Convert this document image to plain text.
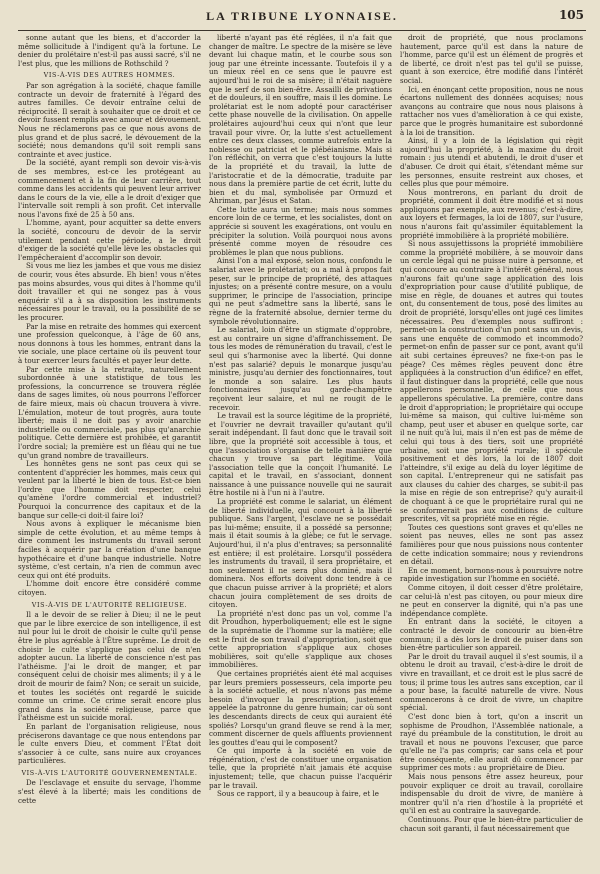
LA TRIBUNE LYONNAISE.	105

sonne autant que les biens, et d'accorder la même sollicitude à l'indigent qu'à la fortune. Le denier du prolétaire n'est-il pas aussi sacré, s'il ne l'est plus, que les millions de Rothschild ?

VIS-À-VIS DES AUTRES HOMMES.

Par son agrégation à la société, chaque famille contracte un devoir de fraternité à l'égard des autres familles. Ce devoir entraîne celui de réciprocité. Il serait à souhaiter que ce droit et ce devoir fussent remplis avec amour et dévouement. Nous ne réclamerons pas ce que nous avons de plus grand et de plus sacré, le dévouement de la société; nous demandons qu'il soit rempli sans contrainte et avec justice.

De la société, ayant rempli son devoir vis-à-vis de ses membres, est-ce les protégeant au commencement et à la fin de leur carrière, tout comme dans les accidents qui peuvent leur arriver dans le cours de la vie, elle a le droit d'exiger que l'intervalle soit rempli à son profit. Cet intervalle nous l'avons fixé de 25 à 50 ans.

L'homme, ayant, pour acquitter sa dette envers la société, concouru de devoir de la servir utilement pendant cette période, a le droit d'exiger de la société qu'elle lève les obstacles qui l'empêcheraient d'accomplir son devoir.

Si vous me liez les jambes et que vous me disiez de courir, vous êtes absurde. Eh bien! vous n'êtes pas moins absurdes, vous qui dites à l'homme qu'il doit travailler et qui ne songez pas à vous enquérir s'il a à sa disposition les instruments nécessaires pour le travail, ou la possibilité de se les procurer.

Par la mise en retraite des hommes qui exercent une profession quelconque, à l'âge de 60 ans, nous donnons à tous les hommes, entrant dans la vie sociale, une place certaine où ils peuvent tour à tour exercer leurs facultés et payer leur dette.

Par cette mise à la retraite, naturellement subordonnée à une statistique de tous les professions, la concurrence se trouvera réglée dans de sages limites, où nous pourrons l'efforcer de faire mieux, mais où chacun trouvera à vivre. L'émulation, moteur de tout progrès, aura toute liberté; mais il ne doit pas y avoir anarchie industrielle ou commerciale, pas plus qu'anarchie politique. Cette dernière est prohibée, et garantit l'ordre social; la première est un fléau qui ne tue qu'un grand nombre de travailleurs.

Les honnêtes gens ne sont pas ceux qui se contentent d'apprécier les hommes, mais ceux qui veulent par la liberté le bien de tous. Est-ce bien l'ordre que l'homme doit respecter, celui qu'amène l'ordre commercial et industriel? Pourquoi la concurrence des capitaux et de la banque sur celle-ci doit-il faire loi?

Nous avons à expliquer le mécanisme bien simple de cette évolution, et au même temps à dire comment les instruments du travail seront faciles à acquérir par la création d'une banque hypothécaire et d'une banque industrielle. Notre système, c'est certain, n'a rien de commun avec ceux qui ont été produits.

L'homme doit encore être considéré comme citoyen.

VIS-À-VIS DE L'AUTORITÉ RELIGIEUSE.

Il a le devoir de se relier à Dieu; il ne le peut que par le libre exercice de son intelligence, il est nul pour lui le droit de choisir le culte qu'il pense être le plus agréable à l'Être suprême. Le droit de choisir le culte s'applique pas celui de n'en adopter aucun. La liberté de conscience n'est pas l'athéisme. J'ai le droit de manger, et par conséquent celui de choisir mes aliments; il y a le droit de mourir de faim? Non; ce serait un suicide, et toutes les sociétés ont regardé le suicide comme un crime. Ce crime serait encore plus grand dans la société religieuse, parce que l'athéisme est un suicide moral.

En parlant de l'organisation religieuse, nous préciserons davantage ce que nous entendons par le culte envers Dieu, et comment l'État doit s'associer à ce culte, sans nuire aux croyances particulières.

VIS-À-VIS L'AUTORITÉ GOUVERNEMENTALE.

De l'esclavage et ensuite du servage, l'homme s'est élevé à la liberté; mais les conditions de cette

liberté n'ayant pas été réglées, il n'a fait que changer de maître. Le spectre de la misère se lève devant lui chaque matin, et le courbe sous son joug par une étreinte incessante. Toutefois il y a un mieux réel en ce sens que le pauvre est aujourd'hui le roi de sa misère; il n'était naguère que le serf de son bien-être. Assailli de privations et de douleurs, il en souffre, mais il les domine. Le prolétariat est le nom adopté pour caractériser cette phase nouvelle de la civilisation. On appelle prolétaires aujourd'hui ceux qui n'ont que leur travail pour vivre. Or, la lutte s'est actuellement entre ces deux classes, comme autrefois entre la noblesse ou patriciat et le plébéianisme. Mais si l'on réfléchit, on verra que c'est toujours la lutte de la propriété et du travail, la lutte de l'aristocratie et de la démocratie, traduite par nous dans la première partie de cet écrit, lutte du bien et du mal, symbolisée par Ormuzd et Ahriman, par Jésus et Satan.

Cette lutte aura un terme; mais nous sommes encore loin de ce terme, et les socialistes, dont on apprécie si souvent les exagérations, ont voulu en précipiter la solution. Voilà pourquoi nous avons présenté comme moyen de résoudre ces problèmes le plan que nous publions.

Ainsi l'on a mal exposé, selon nous, confondu le salariat avec le prolétariat; ou a mal à propos fait peser, sur le principe de propriété, des attaques injustes; on a présenté contre mesure, on a voulu supprimer, le principe de l'association, principe qui ne peut s'admettre sans la liberté, sans le règne de la fraternité absolue, dernier terme du symbole révolutionnaire.

Le salariat, loin d'être un stigmate d'opprobre, est au contraire un signe d'affranchissement. De tous les modes de rémunération du travail, c'est le seul qui s'harmonise avec la liberté. Qui donne n'est pas salarié? depuis le monarque jusqu'au ministre, jusqu'au dernier des fonctionnaires, tout le monde a son salaire. Les plus hauts fonctionnaires jusqu'au garde-champêtre reçoivent leur salaire, et nul ne rougit de le recevoir.

Le travail est la source légitime de la propriété, et l'ouvrier ne devrait travailler qu'autant qu'il serait indépendant. Il faut donc que le travail soit libre, que la propriété soit accessible à tous, et que l'association s'organise de telle manière que chacun y trouve sa part légitime. Voilà l'association telle que la conçoit l'humanité. Le capital et le travail, en s'associant, donnent naissance à une puissance nouvelle qui ne saurait être hostile ni à l'un ni à l'autre.

La propriété est comme le salariat, un élément de liberté individuelle, qui concourt à la liberté publique. Sans l'argent, l'esclave ne se possédait pas lui-même; ensuite, il a possédé sa personne; mais il était soumis à la glèbe; ce fut le servage. Aujourd'hui, il n'a plus d'entraves; sa personnalité est entière; il est prolétaire. Lorsqu'il possédera les instruments du travail, il sera propriétaire, et non seulement il ne sera plus dominé, mais il dominera. Nos efforts doivent donc tendre à ce que chacun puisse arriver à la propriété; et alors chacun jouira complètement de ses droits de citoyen.

La propriété n'est donc pas un vol, comme l'a dit Proudhon, hyperboliquement; elle est le signe de la suprématie de l'homme sur la matière; elle est le fruit de son travail d'appropriation, soit que cette appropriation s'applique aux choses mobilières, soit qu'elle s'applique aux choses immobilières.

Que certaines propriétés aient été mal acquises par leurs premiers possesseurs, cela importe peu à la société actuelle, et nous n'avons pas même besoin d'invoquer la prescription, justement appelée la patronne du genre humain; car où sont les descendants directs de ceux qui auraient été spoliés? Lorsqu'un grand fleuve se rend à la mer, comment discerner de quels affluents proviennent les gouttes d'eau qui le composent?

Ce qui importe à la société en voie de régénération, c'est de constituer une organisation telle, que la propriété n'ait jamais été acquise injustement; telle, que chacun puisse l'acquérir par le travail.

Sous ce rapport, il y a beaucoup à faire, et le

droit de propriété, que nous proclamons hautement, parce qu'il est dans la nature de l'homme, parce qu'il est un élément de progrès et de liberté, ce droit n'est pas tel qu'il se puisse, quant à son exercice, être modifié dans l'intérêt social.

Ici, en énonçant cette proposition, nous ne nous écartons nullement des données acquises; nous avançons au contraire que nous nous plaisons à rattacher nos vues d'amélioration à ce qui existe, parce que le progrès humanitaire est subordonné à la loi de transition.

Ainsi, il y a loin de la législation qui règit aujourd'hui la propriété, à la maxime du droit romain : jus utendi et abutendi, le droit d'user et d'abuser. Ce droit qui était, s'étendant même sur les personnes, ensuite restreint aux choses, et celles plus que pour mémoire.

Nous montrerons, en parlant du droit de propriété, comment il doit être modifié et si nous appliquons par exemple, aux revenus; c'est-à-dire, aux loyers et fermages, la loi de 1807, sur l'usure, nous n'aurons fait qu'assimiler équitablement la propriété immobilière à la propriété mobilière.

Si nous assujettissons la propriété immobilière comme la propriété mobilière, à se mouvoir dans un cercle légal qui ne puisse nuire à personne, et qui concoure au contraire à l'intérêt général, nous n'aurons fait qu'une sage application des lois d'expropriation pour cause d'utilité publique, de mise en règle, de douanes et autres qui toutes ont, du consentement de tous, posé des limites au droit de propriété, lorsqu'elles ont jugé ces limites nécessaires. Peu d'exemples nous suffiront : permet-on la construction d'un pont sans un devis, sans une enquête de commodo et incommodo? permet-on enfin de passer sur ce pont, avant qu'il ait subi certaines épreuves? ne fixe-t-on pas le péage? Ces mêmes règles peuvent donc être appliquées à la construction d'un édifice? en effet, il faut distinguer dans la propriété, celle que nous appellerons personnelle, de celle que nous appellerons spéculative. La première, contre dans le droit d'appropriation; le propriétaire qui occupe lui-même sa maison, qui cultive lui-même son champ, peut user et abuser en quelque sorte, car il ne nuit qu'à lui, mais il n'en est pas de même de celui qui tous à des tiers, soit une propriété urbaine, soit une propriété rurale; il spécule positivement et dès lors, la loi de 1807 doit l'atteindre, s'il exige au delà du loyer légitime de son capital. L'entrepreneur qui ne satisfait pas aux clauses du cahier des charges, se subit-il pas la mise en régie de son entreprise? qu'y aurait-il de choquant à ce que le propriétaire rural qui ne se conformerait pas aux conditions de culture prescrites, vît sa propriété mise en régie.

Toutes ces questions sont graves et qu'elles ne soient pas neuves, elles ne sont pas assez familières pour que nous puissions nous contenter de cette indication sommaire; nous y reviendrons en détail.

En ce moment, bornons-nous à poursuivre notre rapide investigation sur l'homme en société.

Comme citoyen, il doit cesser d'être prolétaire, car celui-là n'est pas citoyen, ou pour mieux dire ne peut en conserver la dignité, qui n'a pas une indépendance complète.

En entrant dans la société, le citoyen a contracté le devoir de concourir au bien-être commun; il a dès lors le droit de puiser dans son bien-être particulier son appareil.

Par le droit du travail auquel il s'est soumis, il a obtenu le droit au travail, c'est-à-dire le droit de vivre en travaillant, et ce droit est le plus sacré de tous; il prime tous les autres sans exception, car il a pour base, la faculté naturelle de vivre. Nous commencerons à ce droit de vivre, un chapitre spécial.

C'est donc bien à tort, qu'on a inscrit un sophisme de Proudhon, l'Assemblée nationale, a rayé du préambule de la constitution, le droit au travail et nous ne pouvons l'excuser, que parce qu'elle ne l'a pas compris; car sans cela et pour être conséquente, elle aurait dû commencer par supprimer ces mots : au propriétaire de Dieu.

Mais nous pensons être assez heureux, pour pouvoir expliquer ce droit au travail, corollaire indispensable du droit de vivre, de manière à montrer qu'il n'a rien d'hostile à la propriété et qu'il en est au contraire la sauvegarde.

Continuons. Pour que le bien-être particulier de chacun soit garanti, il faut nécessairement que
